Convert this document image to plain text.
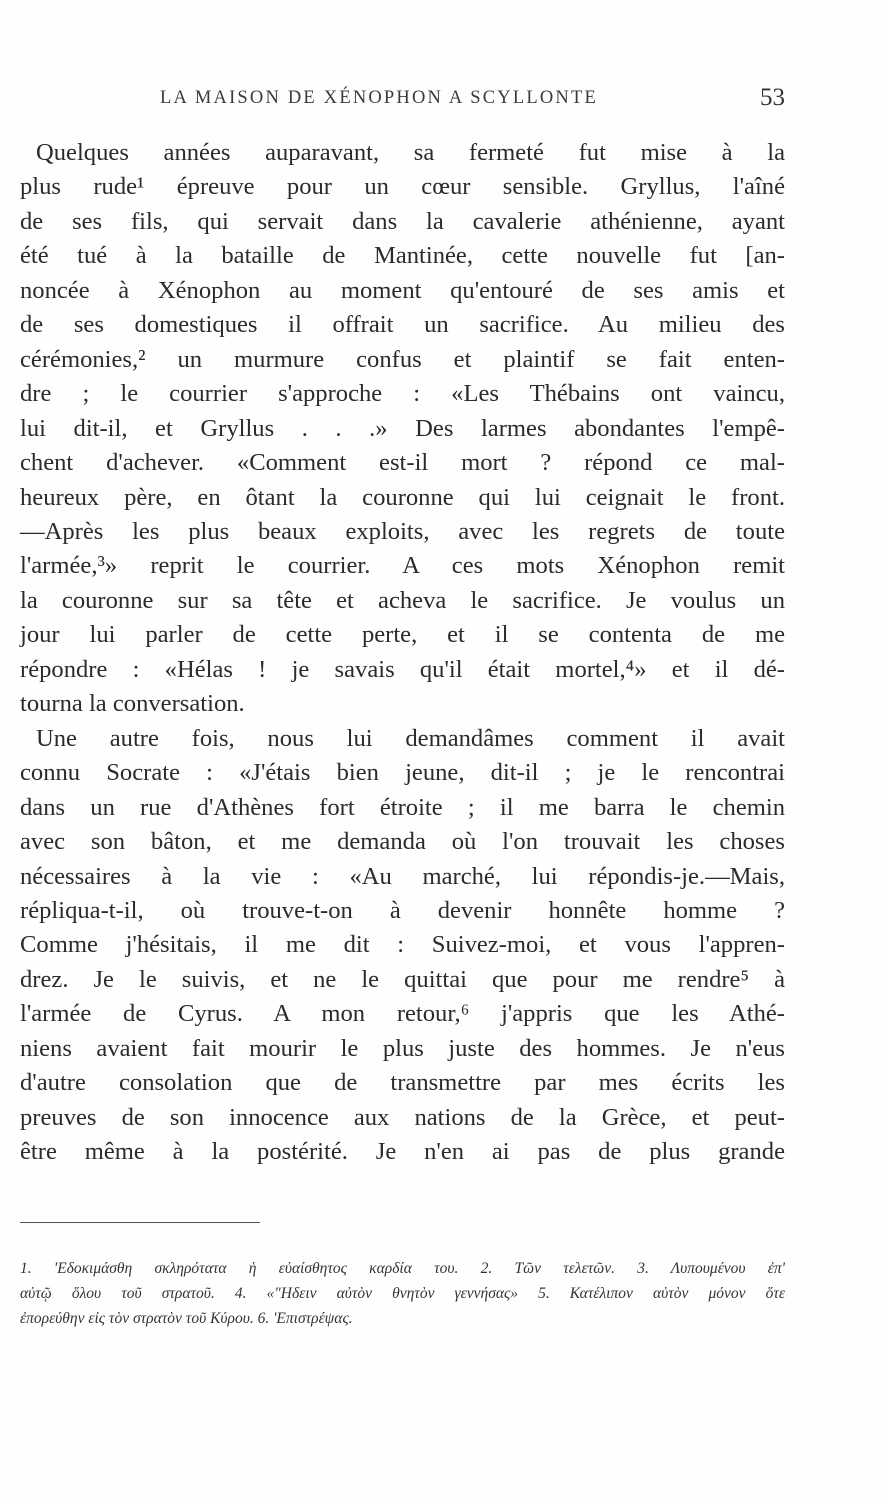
LA MAISON DE XÉNOPHON A SCYLLONTE	53
Quelques années auparavant, sa fermeté fut mise à la
plus rude¹ épreuve pour un cœur sensible. Gryllus, l'aîné
de ses fils, qui servait dans la cavalerie athénienne, ayant
été tué à la bataille de Mantinée, cette nouvelle fut [an-
noncée à Xénophon au moment qu'entouré de ses amis et
de ses domestiques il offrait un sacrifice. Au milieu des
cérémonies,² un murmure confus et plaintif se fait enten-
dre ; le courrier s'approche : «Les Thébains ont vaincu,
lui dit-il, et Gryllus . . .» Des larmes abondantes l'empê-
chent d'achever. «Comment est-il mort ? répond ce mal-
heureux père, en ôtant la couronne qui lui ceignait le front.
—Après les plus beaux exploits, avec les regrets de toute
l'armée,³» reprit le courrier. A ces mots Xénophon remit
la couronne sur sa tête et acheva le sacrifice. Je voulus un
jour lui parler de cette perte, et il se contenta de me
répondre : «Hélas ! je savais qu'il était mortel,⁴» et il dé-
tourna la conversation.
Une autre fois, nous lui demandâmes comment il avait
connu Socrate : «J'étais bien jeune, dit-il ; je le rencontrai
dans un rue d'Athènes fort étroite ; il me barra le chemin
avec son bâton, et me demanda où l'on trouvait les choses
nécessaires à la vie : «Au marché, lui répondis-je.—Mais,
répliqua-t-il, où trouve-t-on à devenir honnête homme ?
Comme j'hésitais, il me dit : Suivez-moi, et vous l'appren-
drez. Je le suivis, et ne le quittai que pour me rendre⁵ à
l'armée de Cyrus. A mon retour,⁶ j'appris que les Athé-
niens avaient fait mourir le plus juste des hommes. Je n'eus
d'autre consolation que de transmettre par mes écrits les
preuves de son innocence aux nations de la Grèce, et peut-
être même à la postérité. Je n'en ai pas de plus grande
1. 'Εδοκιμάσθη σκληρότατα ἡ εὐαίσθητος καρδία του. 2. Τῶν τελετῶν. 3. Λυπουμένου ἐπ'
αὐτῷ ὅλου τοῦ στρατοῦ. 4. «"Ηδειν αὐτὸν θνητὸν γεννήσας» 5. Κατέλιπον αὐτὸν μόνον ὅτε
ἐπορεύθην εἰς τὸν στρατὸν τοῦ Κύρου. 6. 'Επιστρέψας.
